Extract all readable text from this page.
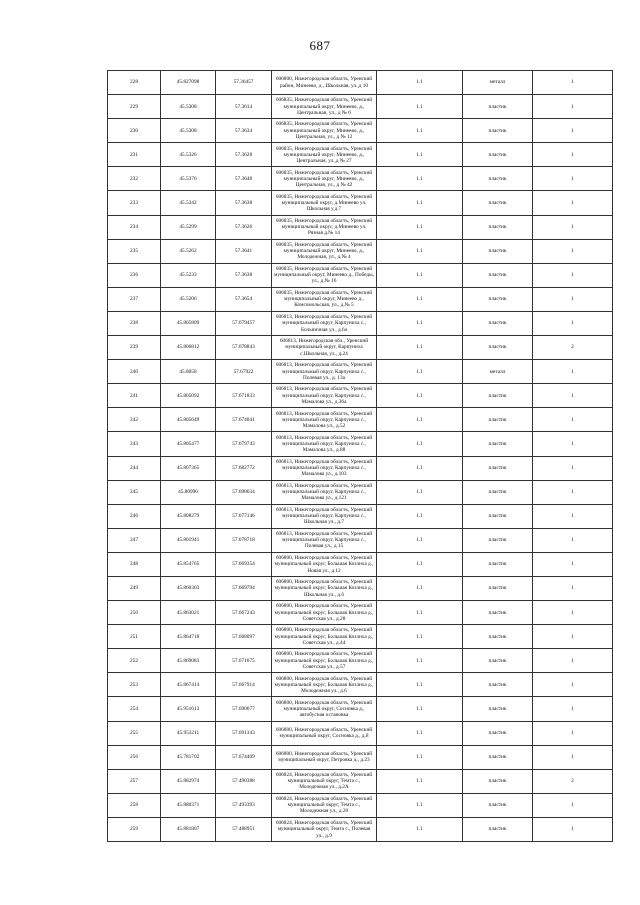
687
228	45.827098	57.36457	606800, Нижегородская область, Уренский район, Минеево, д., Школьная, ул.,д 10	1.1	металл	1
229	45.5308	57.3614	606835, Нижегородская область, Уренский муниципальный округ, Минеево, д., Центральная, ул., д № 6	1.1	пластик	1
230	45.5308	57.3634	606835, Нижегородская область, Уренский муниципальный округ, Минеево, д., Центральная, ул., д № 12	1.1	пластик	1
231	45.5326	57.3628	606835, Нижегородская область, Уренский муниципальный округ, Минеево, д., Центральная, ул.,д № 27	1.1	пластик	1
232	45.5376	57.3648	606835, Нижегородская область, Уренский муниципальный округ, Минеево, д., Центральная, ул., д № 42	1.1	пластик	1
233	45.5342	57.3638	606835, Нижегородская область, Уренский муниципальный округ, д.Минеево ул. Школьная у.д.7	1.1	пластик	1
234	45.5299	57.3626	606835, Нижегородская область, Уренский муниципальный округ, д.Минеево ул. Рязная д.№ 14	1.1	пластик	1
235	45.5262	57.3641	606835, Нижегородская область, Уренский муниципальный округ, Минеево, д., Молодежная, ул., д.№ 4	1.1	пластик	1
236	45.5233	57.3638	606835, Нижегородская область, Уренский муниципальный округ, Минеево д., Победы, ул., д.№ 16	1.1	пластик	1
237	45.5206	57.3654	606835, Нижегородская область, Уренский муниципальный округ, Минеево д., Комсомольская, ул., д.№ 5	1.1	пластик	1
238	45.805809	57.679457	606813, Нижегородская область, Уренский муниципальный округ, Карпуниха с., Больничная ул., д.6а	1.1	пластик	1
239	45.806812	57.678843	606813, Нижегородская обл., Уренский муниципальный округ, Карпуниха с.Школьная, ул., д.24	1.1	пластик	2
240	45.8058	57.67922	606813, Нижегородская область, Уренский муниципальный округ, Карпуниха с., Полевая ул., д. 13а	1.1	металл	1
241	45.805092	57.671833	606813, Нижегородская область, Уренский муниципальный округ, Карпуниха с., Мамалова ул., д.36а	1.1	пластик	1
242	45.805649	57.674041	606813, Нижегородская область, Уренский муниципальный округ, Карпуниха с., Мамалова ул., д.52	1.1	пластик	1
243	45.805477	57.679743	606813, Нижегородская область, Уренский муниципальный округ, Карпуниха с., Мамалова ул., д.88	1.1	пластик	1
244	45.807365	57.682772	606813, Нижегородская область, Уренский муниципальный округ, Карпуниха с., Мамалова ул., д.103	1.1	пластик	1
245	45.80996	57.698634	606813, Нижегородская область, Уренский муниципальный округ, Карпуниха с., Мамалова ул., д.121	1.1	пластик	1
246	45.808279	57.677146	606813, Нижегородская область, Уренский муниципальный округ, Карпуниха с., Школьная ул., д.7	1.1	пластик	1
247	45.801941	57.678718	606813, Нижегородская область, Уренский муниципальный округ, Карпуниха с., Полевая ул., д.15	1.1	пластик	1
248	45.854765	57.669354	606800, Нижегородская область, Уренский муниципальный округ, Большая Козлиха д., Новая ул., д.12	1.1	пластик	1
249	45.860303	57.669794	606800, Нижегородская область, Уренский муниципальный округ, Большая Козлиха д., Школьная ул., д.6	1.1	пластик	1
250	45.863021	57.667243	606800, Нижегородская область, Уренский муниципальный округ, Большая Козлиха д., Советская ул., д.28	1.1	пластик	1
251	45.864718	57.668097	606800, Нижегородская область, Уренский муниципальный округ, Большая Козлиха д., Советская ул., д.44	1.1	пластик	1
252	45.869083	57.671675	606800, Нижегородская область, Уренский муниципальный округ, Большая Козлиха д., Советская ул., д.57	1.1	пластик	1
253	45.867414	57.667914	606800, Нижегородская область, Уренский муниципальный округ, Большая Козлиха д., Молодежная ул., д.6	1.1	пластик	1
254	45.951613	57.690677	606800, Нижегородская область, Уренский муниципальный округ, Сосновка д., автобусная остановка	1.1	пластик	1
255	45.953211	57.691343	606800, Нижегородская область, Уренский муниципальный округ, Сосновка д., д.8	1.1	пластик	1
256	45.781702	57.674409	606800, Нижегородская область, Уренский муниципальный округ, Петровка д., д.23	1.1	пластик	1
257	45.882974	57.490388	606824, Нижегородская область, Уренский муниципальный округ, Темта с., Молодежная ул., д.2А	1.1	пластик	2
258	45.880371	57.493393	606824, Нижегородская область, Уренский муниципальный округ, Темта с., Молодежная ул., д.20	1.1	пластик	1
259	45.881807	57.488951	606824, Нижегородская область, Уренский муниципальный округ, Темта с., Полевая ул., д.9	1.1	пластик	1
